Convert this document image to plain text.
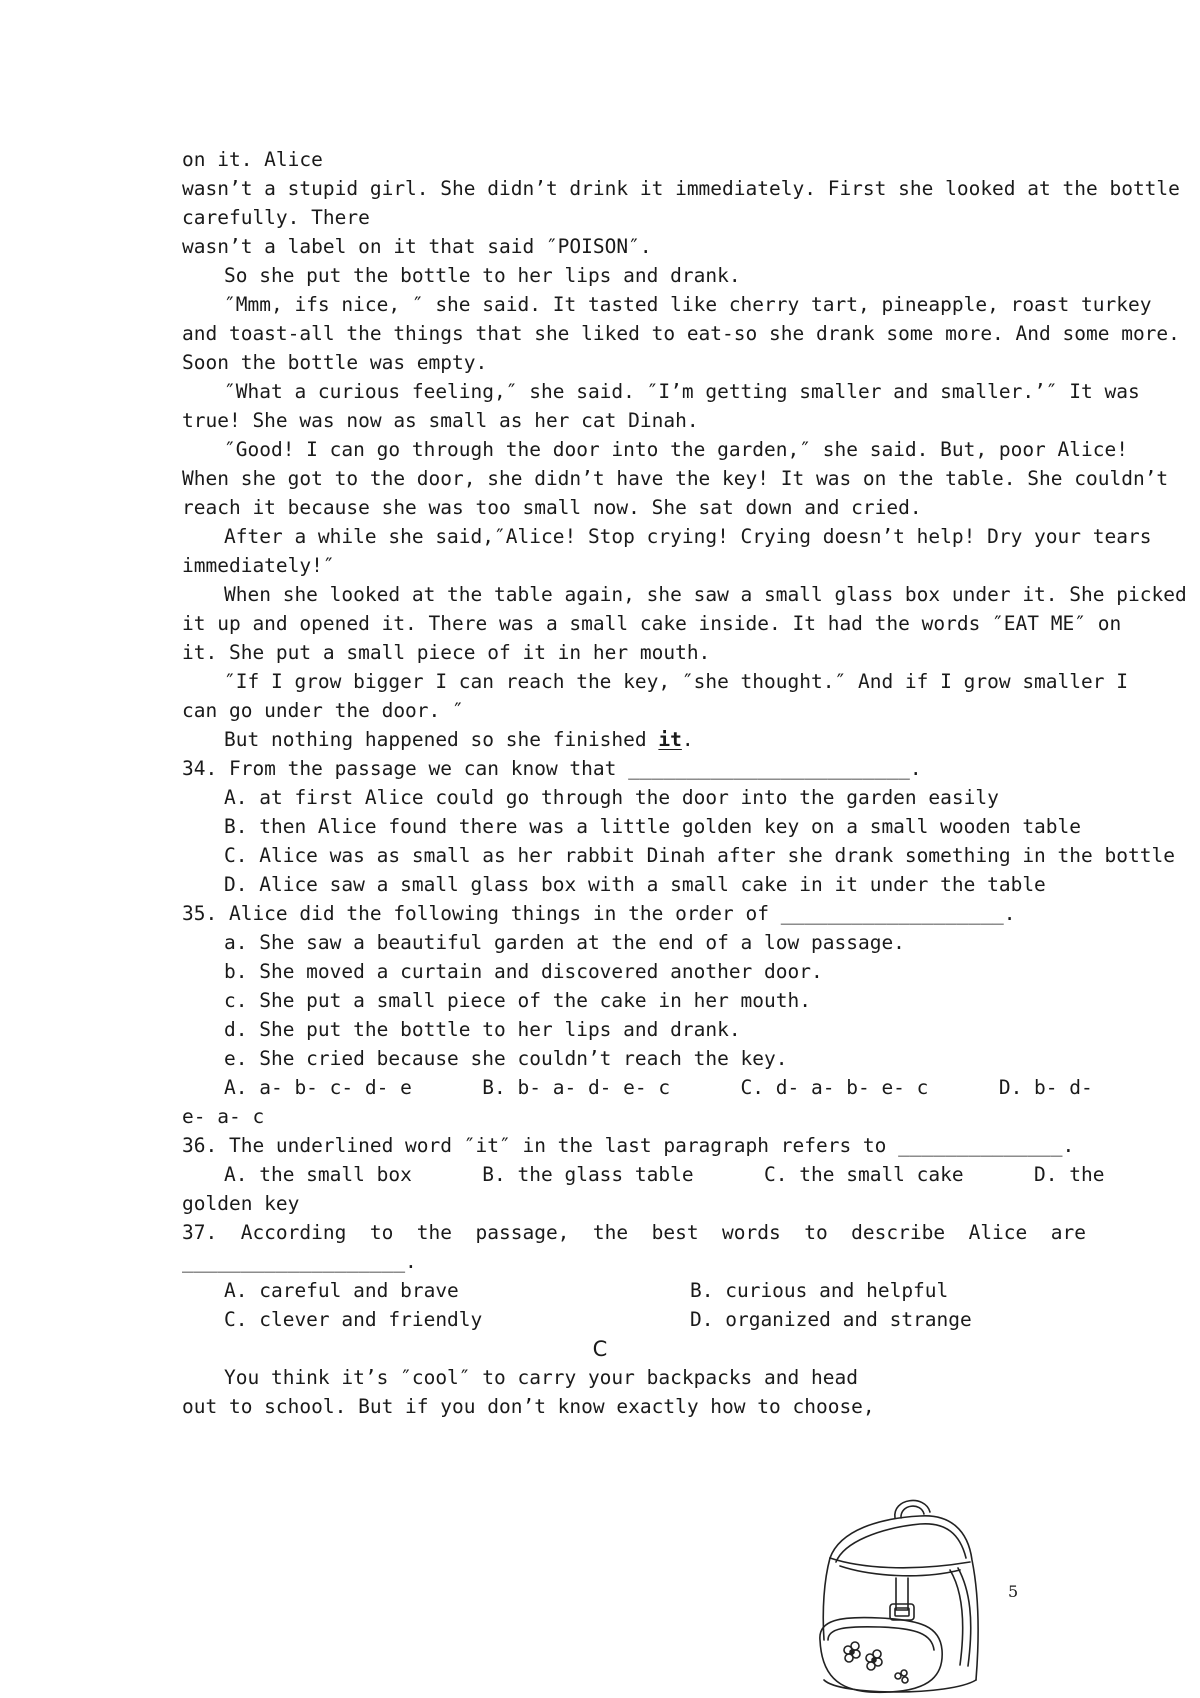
on it. Alice
wasn’t a stupid girl. She didn’t drink it immediately. First she looked at the bottle
carefully. There
wasn’t a label on it that said ″POISON″.
So she put the bottle to her lips and drank.
″Mmm, ifs nice, ″ she said. It tasted like cherry tart, pineapple, roast turkey
and toast-all the things that she liked to eat-so she drank some more. And some more.
Soon the bottle was empty.
″What a curious feeling,″ she said. ″I’m getting smaller and smaller.’″ It was
true! She was now as small as her cat Dinah.
″Good! I can go through the door into the garden,″ she said. But, poor Alice!
When she got to the door, she didn’t have the key! It was on the table. She couldn’t
reach it because she was too small now. She sat down and cried.
After a while she said,″Alice! Stop crying! Crying doesn’t help! Dry your tears
immediately!″
When she looked at the table again, she saw a small glass box under it. She picked
it up and opened it. There was a small cake inside. It had the words ″EAT ME″ on
it. She put a small piece of it in her mouth.
″If I grow bigger I can reach the key, ″she thought.″ And if I grow smaller I
can go under the door. ″
But nothing happened so she finished it.
34. From the passage we can know that ________________________.
A. at first Alice could go through the door into the garden easily
B. then Alice found there was a little golden key on a small wooden table
C. Alice was as small as her rabbit Dinah after she drank something in the bottle
D. Alice saw a small glass box with a small cake in it under the table
35. Alice did the following things in the order of ___________________.
a. She saw a beautiful garden at the end of a low passage.
b. She moved a curtain and discovered another door.
c. She put a small piece of the cake in her mouth.
d. She put the bottle to her lips and drank.
e. She cried because she couldn’t reach the key.
A. a- b- c- d- e      B. b- a- d- e- c      C. d- a- b- e- c      D. b- d-
e- a- c
36. The underlined word ″it″ in the last paragraph refers to ______________.
A. the small box      B. the glass table      C. the small cake      D. the
golden key
37.  According  to  the  passage,  the  best  words  to  describe  Alice  are
___________________.
A. careful and brave	B. curious and helpful
C. clever and friendly	D. organized and strange
C
You think it’s ″cool″ to carry your backpacks and head
out to school. But if you don’t know exactly how to choose,
5
